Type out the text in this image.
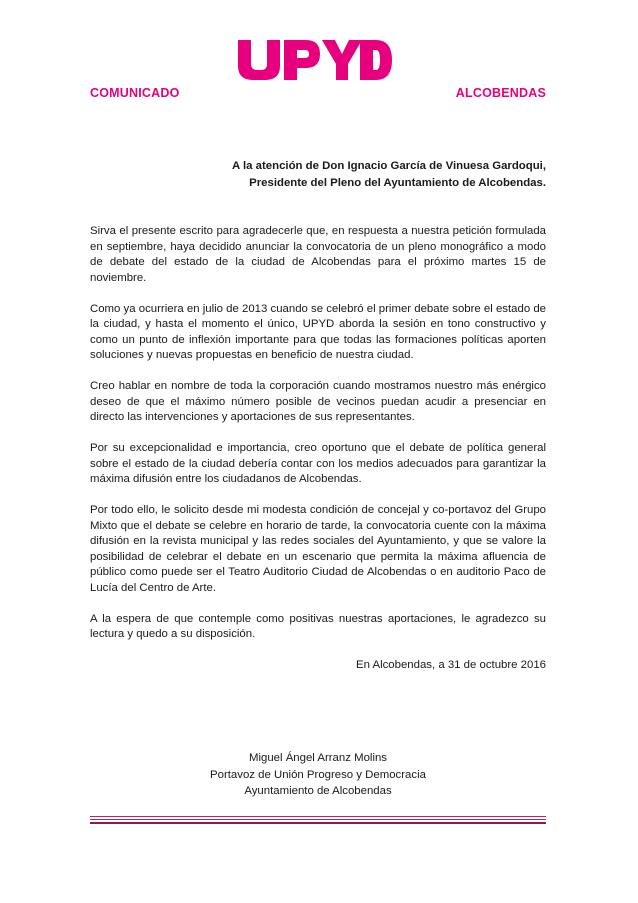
COMUNICADO	ALCOBENDAS
A la atención de Don Ignacio García de Vinuesa Gardoqui,
Presidente del Pleno del Ayuntamiento de Alcobendas.

Sirva el presente escrito para agradecerle que, en respuesta a nuestra petición formulada en septiembre, haya decidido anunciar la convocatoria de un pleno monográfico a modo de debate del estado de la ciudad de Alcobendas para el próximo martes 15 de noviembre.

Como ya ocurriera en julio de 2013 cuando se celebró el primer debate sobre el estado de la ciudad, y hasta el momento el único, UPYD aborda la sesión en tono constructivo y como un punto de inflexión importante para que todas las formaciones políticas aporten soluciones y nuevas propuestas en beneficio de nuestra ciudad.

Creo hablar en nombre de toda la corporación cuando mostramos nuestro más enérgico deseo de que el máximo número posible de vecinos puedan acudir a presenciar en directo las intervenciones y aportaciones de sus representantes.

Por su excepcionalidad e importancia, creo oportuno que el debate de política general sobre el estado de la ciudad debería contar con los medios adecuados para garantizar la máxima difusión entre los ciudadanos de Alcobendas.

Por todo ello, le solicito desde mi modesta condición de concejal y co-portavoz del Grupo Mixto que el debate se celebre en horario de tarde, la convocatoria cuente con la máxima difusión en la revista municipal y las redes sociales del Ayuntamiento, y que se valore la posibilidad de celebrar el debate en un escenario que permita la máxima afluencia de público como puede ser el Teatro Auditorio Ciudad de Alcobendas o en auditorio Paco de Lucía del Centro de Arte.

A la espera de que contemple como positivas nuestras aportaciones, le agradezco su lectura y quedo a su disposición.

En Alcobendas, a 31 de octubre 2016
Miguel Ángel Arranz Molins
Portavoz de Unión Progreso y Democracia
Ayuntamiento de Alcobendas
